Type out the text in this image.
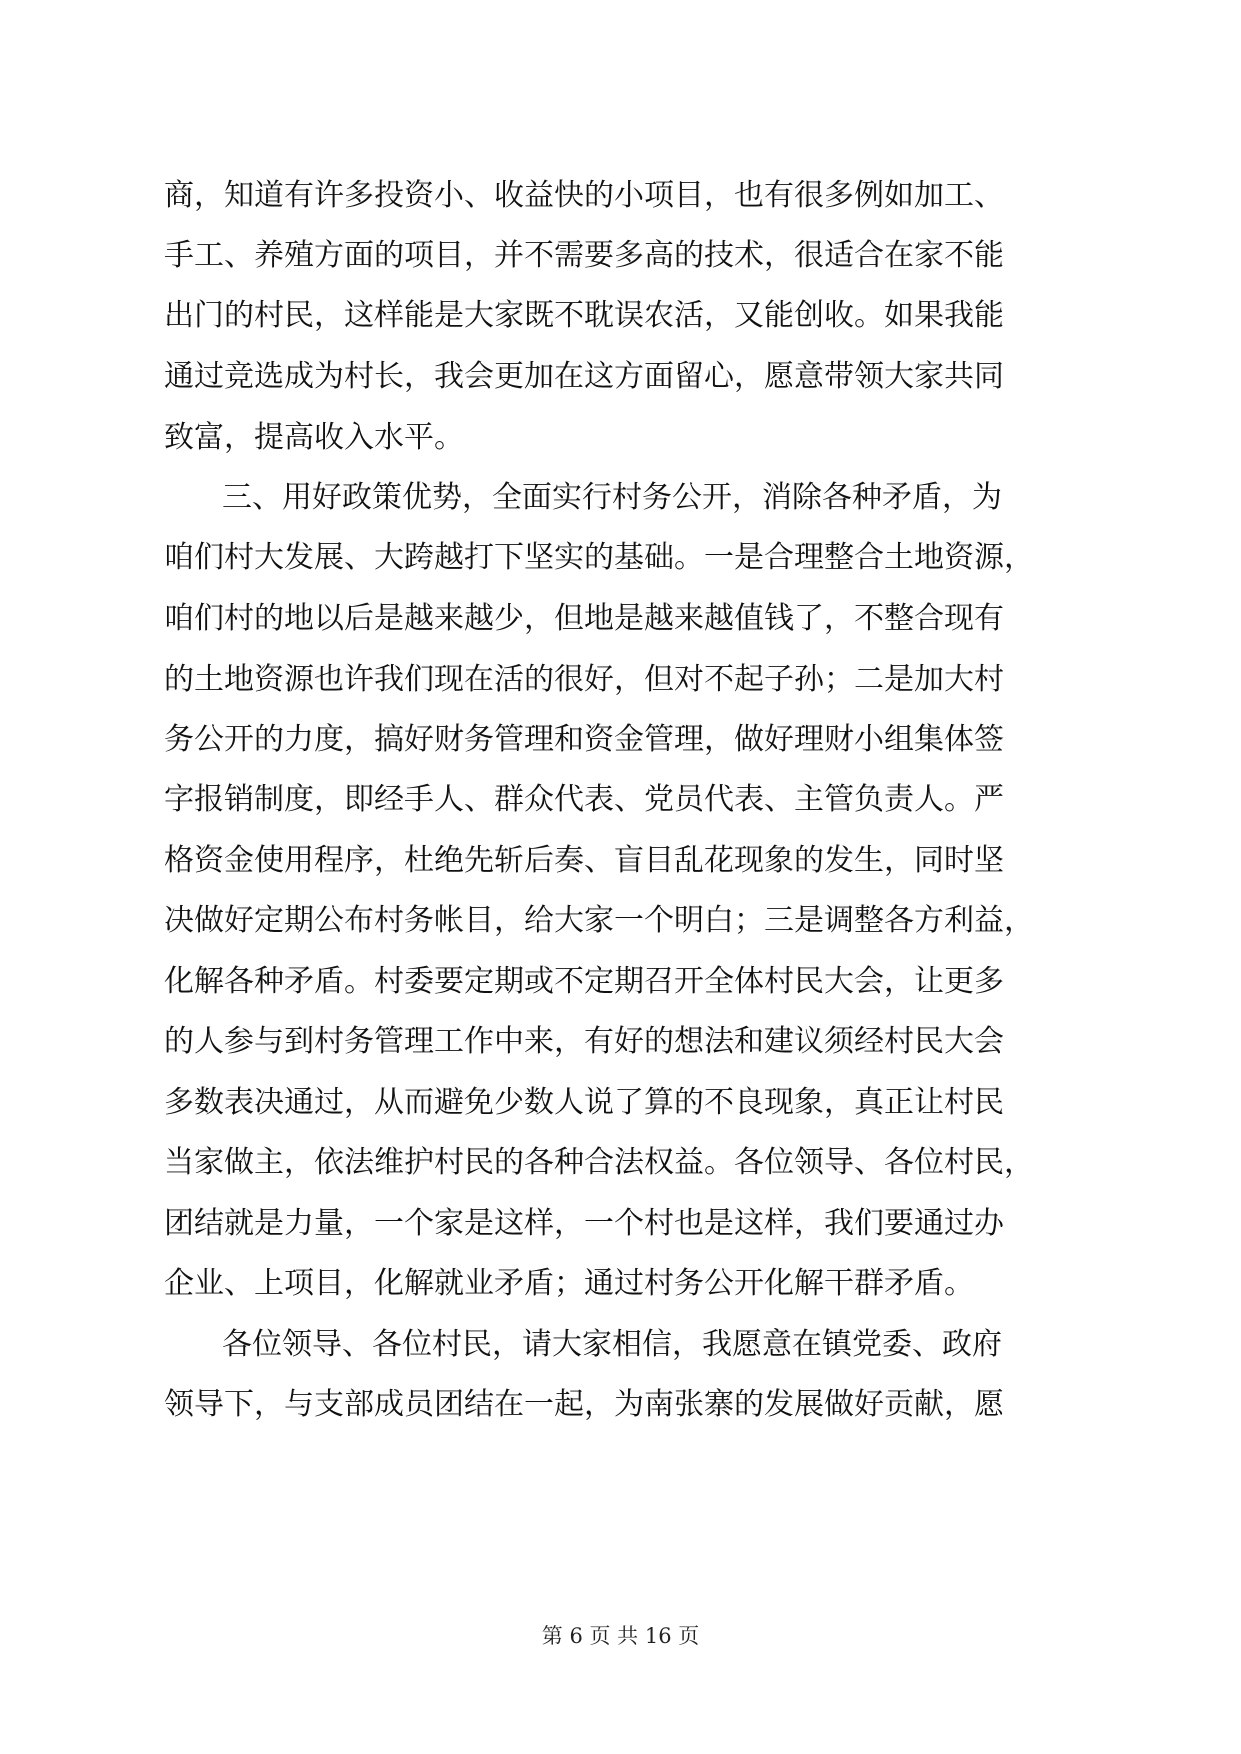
商，知道有许多投资小、收益快的小项目，也有很多例如加工、
手工、养殖方面的项目，并不需要多高的技术，很适合在家不能
出门的村民，这样能是大家既不耽误农活，又能创收。如果我能
通过竞选成为村长，我会更加在这方面留心，愿意带领大家共同
致富，提高收入水平。
三、用好政策优势，全面实行村务公开，消除各种矛盾，为
咱们村大发展、大跨越打下坚实的基础。一是合理整合土地资源，
咱们村的地以后是越来越少，但地是越来越值钱了，不整合现有
的土地资源也许我们现在活的很好，但对不起子孙；二是加大村
务公开的力度，搞好财务管理和资金管理，做好理财小组集体签
字报销制度，即经手人、群众代表、党员代表、主管负责人。严
格资金使用程序，杜绝先斩后奏、盲目乱花现象的发生，同时坚
决做好定期公布村务帐目，给大家一个明白；三是调整各方利益，
化解各种矛盾。村委要定期或不定期召开全体村民大会，让更多
的人参与到村务管理工作中来，有好的想法和建议须经村民大会
多数表决通过，从而避免少数人说了算的不良现象，真正让村民
当家做主，依法维护村民的各种合法权益。各位领导、各位村民，
团结就是力量，一个家是这样，一个村也是这样，我们要通过办
企业、上项目，化解就业矛盾；通过村务公开化解干群矛盾。
各位领导、各位村民，请大家相信，我愿意在镇党委、政府
领导下，与支部成员团结在一起，为南张寨的发展做好贡献，愿
第 6 页 共 16 页
